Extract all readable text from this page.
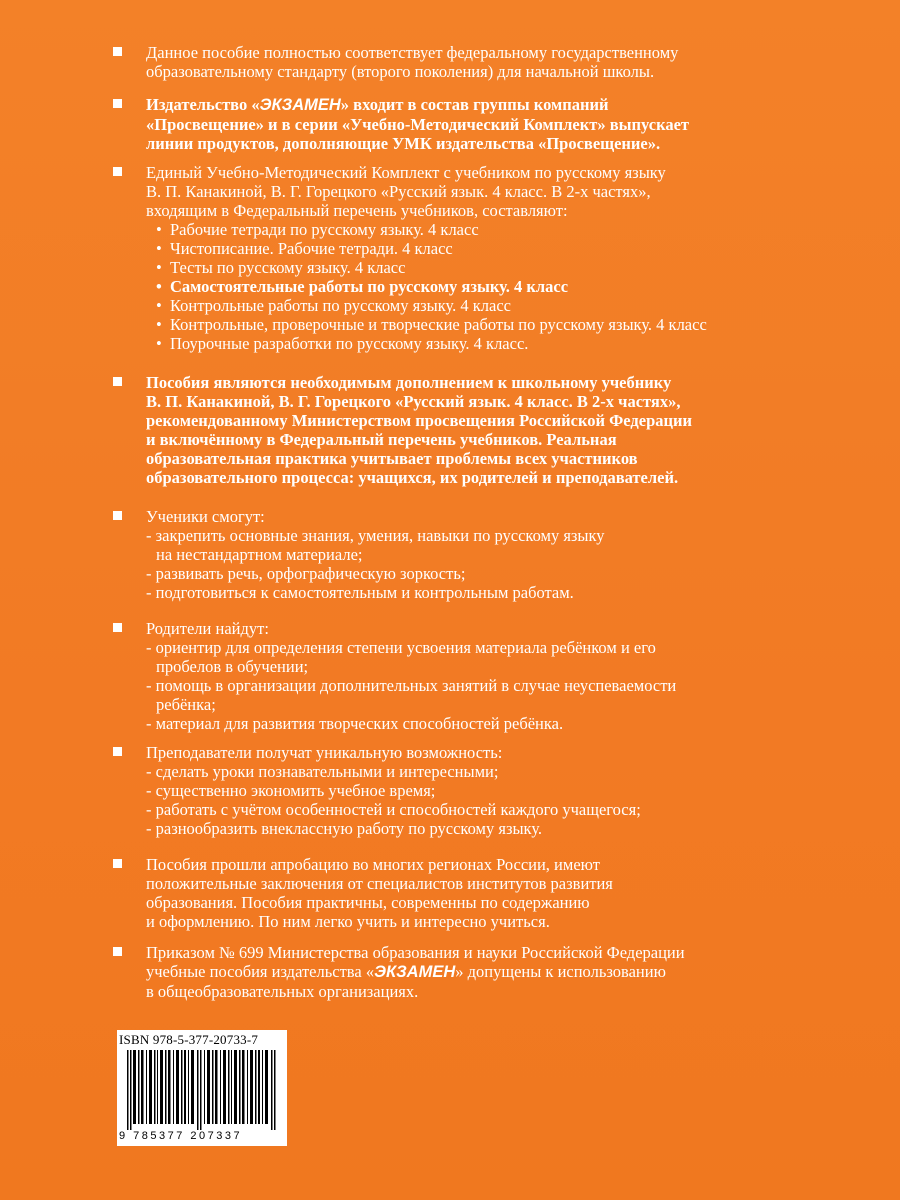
Данное пособие полностью соответствует федеральному государственному
образовательному стандарту (второго поколения) для начальной школы.
Издательство «ЭКЗАМЕН» входит в состав группы компаний
«Просвещение» и в серии «Учебно-Методический Комплект» выпускает
линии продуктов, дополняющие УМК издательства «Просвещение».
Единый Учебно-Методический Комплект с учебником по русскому языку
В. П. Канакиной, В. Г. Горецкого «Русский язык. 4 класс. В 2-х частях»,
входящим в Федеральный перечень учебников, составляют:
• Рабочие тетради по русскому языку. 4 класс
• Чистописание. Рабочие тетради. 4 класс
• Тесты по русскому языку. 4 класс
• Самостоятельные работы по русскому языку. 4 класс
• Контрольные работы по русскому языку. 4 класс
• Контрольные, проверочные и творческие работы по русскому языку. 4 класс
• Поурочные разработки по русскому языку. 4 класс.
Пособия являются необходимым дополнением к школьному учебнику
В. П. Канакиной, В. Г. Горецкого «Русский язык. 4 класс. В 2-х частях»,
рекомендованному Министерством просвещения Российской Федерации
и включённому в Федеральный перечень учебников. Реальная
образовательная практика учитывает проблемы всех участников
образовательного процесса: учащихся, их родителей и преподавателей.
Ученики смогут:
- закрепить основные знания, умения, навыки по русскому языку
на нестандартном материале;
- развивать речь, орфографическую зоркость;
- подготовиться к самостоятельным и контрольным работам.
Родители найдут:
- ориентир для определения степени усвоения материала ребёнком и его
пробелов в обучении;
- помощь в организации дополнительных занятий в случае неуспеваемости
ребёнка;
- материал для развития творческих способностей ребёнка.
Преподаватели получат уникальную возможность:
- сделать уроки познавательными и интересными;
- существенно экономить учебное время;
- работать с учётом особенностей и способностей каждого учащегося;
- разнообразить внеклассную работу по русскому языку.
Пособия прошли апробацию во многих регионах России, имеют
положительные заключения от специалистов институтов развития
образования. Пособия практичны, современны по содержанию
и оформлению. По ним легко учить и интересно учиться.
Приказом № 699 Министерства образования и науки Российской Федерации
учебные пособия издательства «ЭКЗАМЕН» допущены к использованию
в общеобразовательных организациях.
ISBN 978-5-377-20733-7
9 785377 207337
